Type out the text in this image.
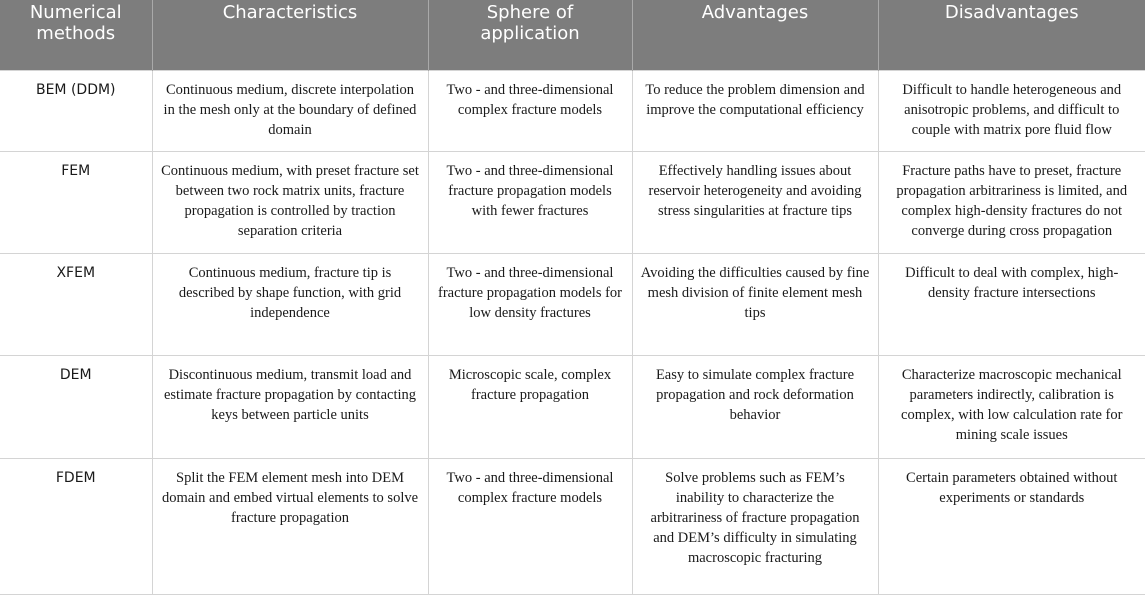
Numerical methods	Characteristics	Sphere of application	Advantages	Disadvantages
BEM (DDM)	Continuous medium, discrete interpolation in the mesh only at the boundary of defined domain	Two - and three-dimensional complex fracture models	To reduce the problem dimension and improve the computational efficiency	Difficult to handle heterogeneous and anisotropic problems, and difficult to couple with matrix pore fluid flow
FEM	Continuous medium, with preset fracture set between two rock matrix units, fracture propagation is controlled by traction separation criteria	Two - and three-dimensional fracture propagation models with fewer fractures	Effectively handling issues about reservoir heterogeneity and avoiding stress singularities at fracture tips	Fracture paths have to preset, fracture propagation arbitrariness is limited, and complex high-density fractures do not converge during cross propagation
XFEM	Continuous medium, fracture tip is described by shape function, with grid independence	Two - and three-dimensional fracture propagation models for low density fractures	Avoiding the difficulties caused by fine mesh division of finite element mesh tips	Difficult to deal with complex, high-density fracture intersections
DEM	Discontinuous medium, transmit load and estimate fracture propagation by contacting keys between particle units	Microscopic scale, complex fracture propagation	Easy to simulate complex fracture propagation and rock deformation behavior	Characterize macroscopic mechanical parameters indirectly, calibration is complex, with low calculation rate for mining scale issues
FDEM	Split the FEM element mesh into DEM domain and embed virtual elements to solve fracture propagation	Two - and three-dimensional complex fracture models	Solve problems such as FEM’s inability to characterize the arbitrariness of fracture propagation and DEM’s difficulty in simulating macroscopic fracturing	Certain parameters obtained without experiments or standards
